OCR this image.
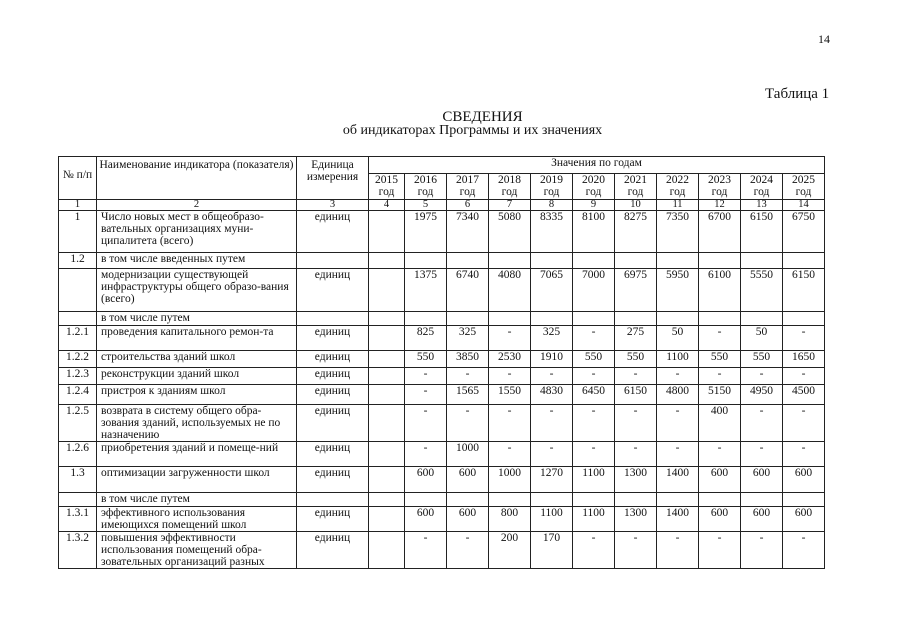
14
Таблица 1
СВЕДЕНИЯ
об индикаторах Программы и их значениях
№ п/п	Наименование индикатора (показателя)	Единица измерения	Значения по годам										
			2015 год	2016 год	2017 год	2018 год	2019 год	2020 год	2021 год	2022 год	2023 год	2024 год	2025 год
1	2	3	4	5	6	7	8	9	10	11	12	13	14
1	Число новых мест в общеобразо-вательных организациях муни-ципалитета (всего)	единиц		1975	7340	5080	8335	8100	8275	7350	6700	6150	6750
1.2	в том числе введенных путем												
	модернизации существующей инфраструктуры общего образо-вания (всего)	единиц		1375	6740	4080	7065	7000	6975	5950	6100	5550	6150
	в том числе путем												
1.2.1	проведения капитального ремон-та	единиц		825	325	-	325	-	275	50	-	50	-
1.2.2	строительства зданий школ	единиц		550	3850	2530	1910	550	550	1100	550	550	1650
1.2.3	реконструкции зданий школ	единиц		-	-	-	-	-	-	-	-	-	-
1.2.4	пристроя к зданиям школ	единиц		-	1565	1550	4830	6450	6150	4800	5150	4950	4500
1.2.5	возврата в систему общего обра-зования зданий, используемых не по назначению	единиц		-	-	-	-	-	-	-	400	-	-
1.2.6	приобретения зданий и помеще-ний	единиц		-	1000	-	-	-	-	-	-	-	-
1.3	оптимизации загруженности школ	единиц		600	600	1000	1270	1100	1300	1400	600	600	600
	в том числе путем												
1.3.1	эффективного использования имеющихся помещений школ	единиц		600	600	800	1100	1100	1300	1400	600	600	600
1.3.2	повышения эффективности использования помещений обра-зовательных организаций разных	единиц		-	-	200	170	-	-	-	-	-	-
